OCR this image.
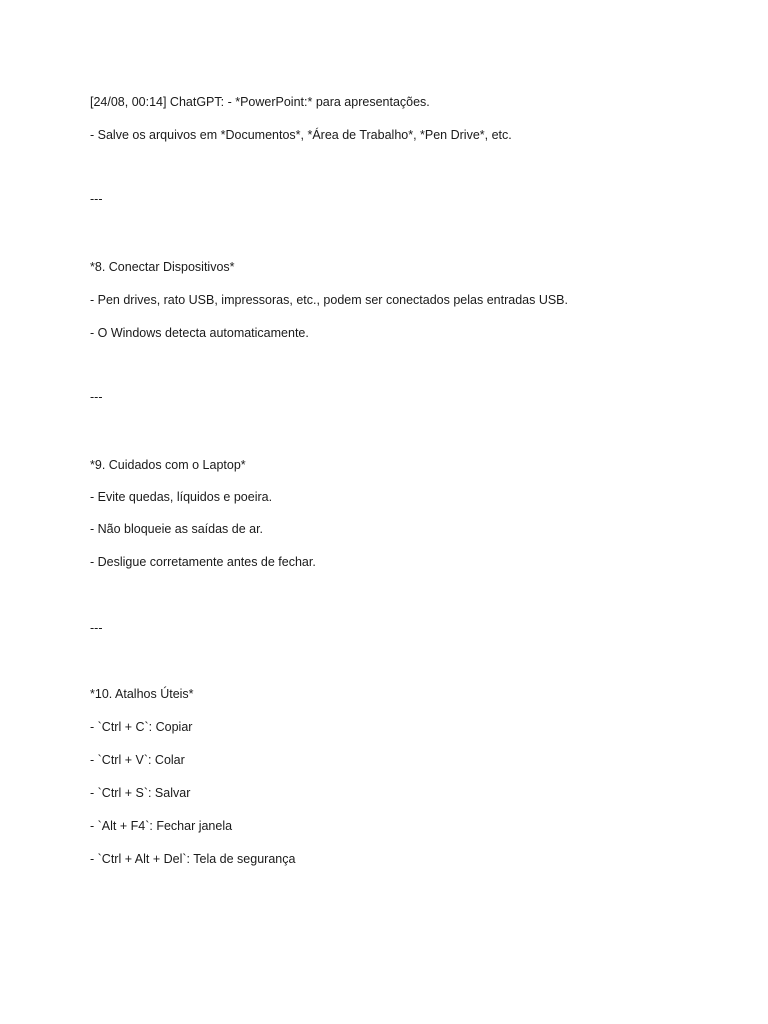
[24/08, 00:14] ChatGPT: - *PowerPoint:* para apresentações.
- Salve os arquivos em *Documentos*, *Área de Trabalho*, *Pen Drive*, etc.
---
*8. Conectar Dispositivos*
- Pen drives, rato USB, impressoras, etc., podem ser conectados pelas entradas USB.
- O Windows detecta automaticamente.
---
*9. Cuidados com o Laptop*
- Evite quedas, líquidos e poeira.
- Não bloqueie as saídas de ar.
- Desligue corretamente antes de fechar.
---
*10. Atalhos Úteis*
- `Ctrl + C`: Copiar
- `Ctrl + V`: Colar
- `Ctrl + S`: Salvar
- `Alt + F4`: Fechar janela
- `Ctrl + Alt + Del`: Tela de segurança
